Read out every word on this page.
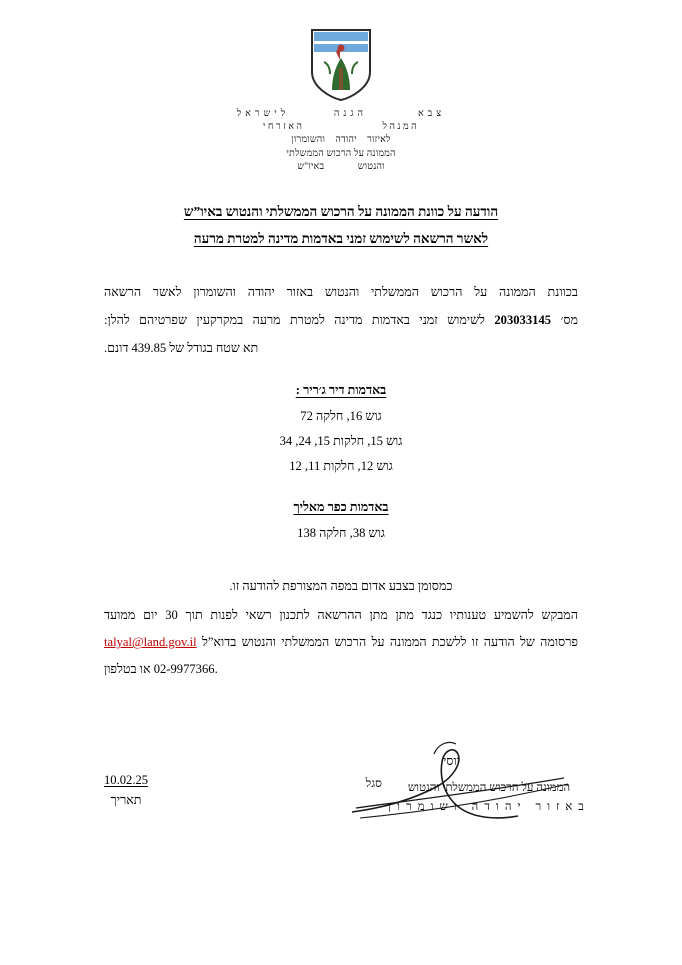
צבא        הגנה       לישראל
המנהל                האזרחי
לאיזור    יהודה    והשומרון
הממונה על הרכוש הממשלתי
והנטוש             באיו"ש
הודעה על כוונת הממונה על הרכוש הממשלתי והנטוש באיו”ש
לאשר הרשאה לשימוש זמני באדמות מדינה למטרת מרעה

בכוונת הממונה על הרכוש הממשלתי והנטוש באזור יהודה והשומרון לאשר הרשאה

מס׳ 203033145 לשימוש זמני באדמות מדינה למטרת מרעה במקרקעין שפרטיהם להלן:

תא שטח בגודל של 439.85 דונם.

באדמות דיר ג׳ריר :
גוש 16, חלקה 72
גוש 15, חלקות 15, 24, 34
גוש 12, חלקות 11, 12
באדמות כפר מאליך
גוש 38, חלקה 138
כמסומן בצבע אדום במפה המצורפת להודעה זו.

המבקש להשמיע טענותיו כנגד מתן מתן ההרשאה לתכנון רשאי לפנות תוך 30 יום ממועד

פרסומה של הודעה זו ללשכת הממונה על הרכוש הממשלתי והנטוש בדוא”ל talyal@land.gov.il

.02-9977366 או בטלפון

יוסי
סגל	הממונה על הרכוש הממשלתי והנטוש
באזור יהודה ושומרון
10.02.25
תאריך
